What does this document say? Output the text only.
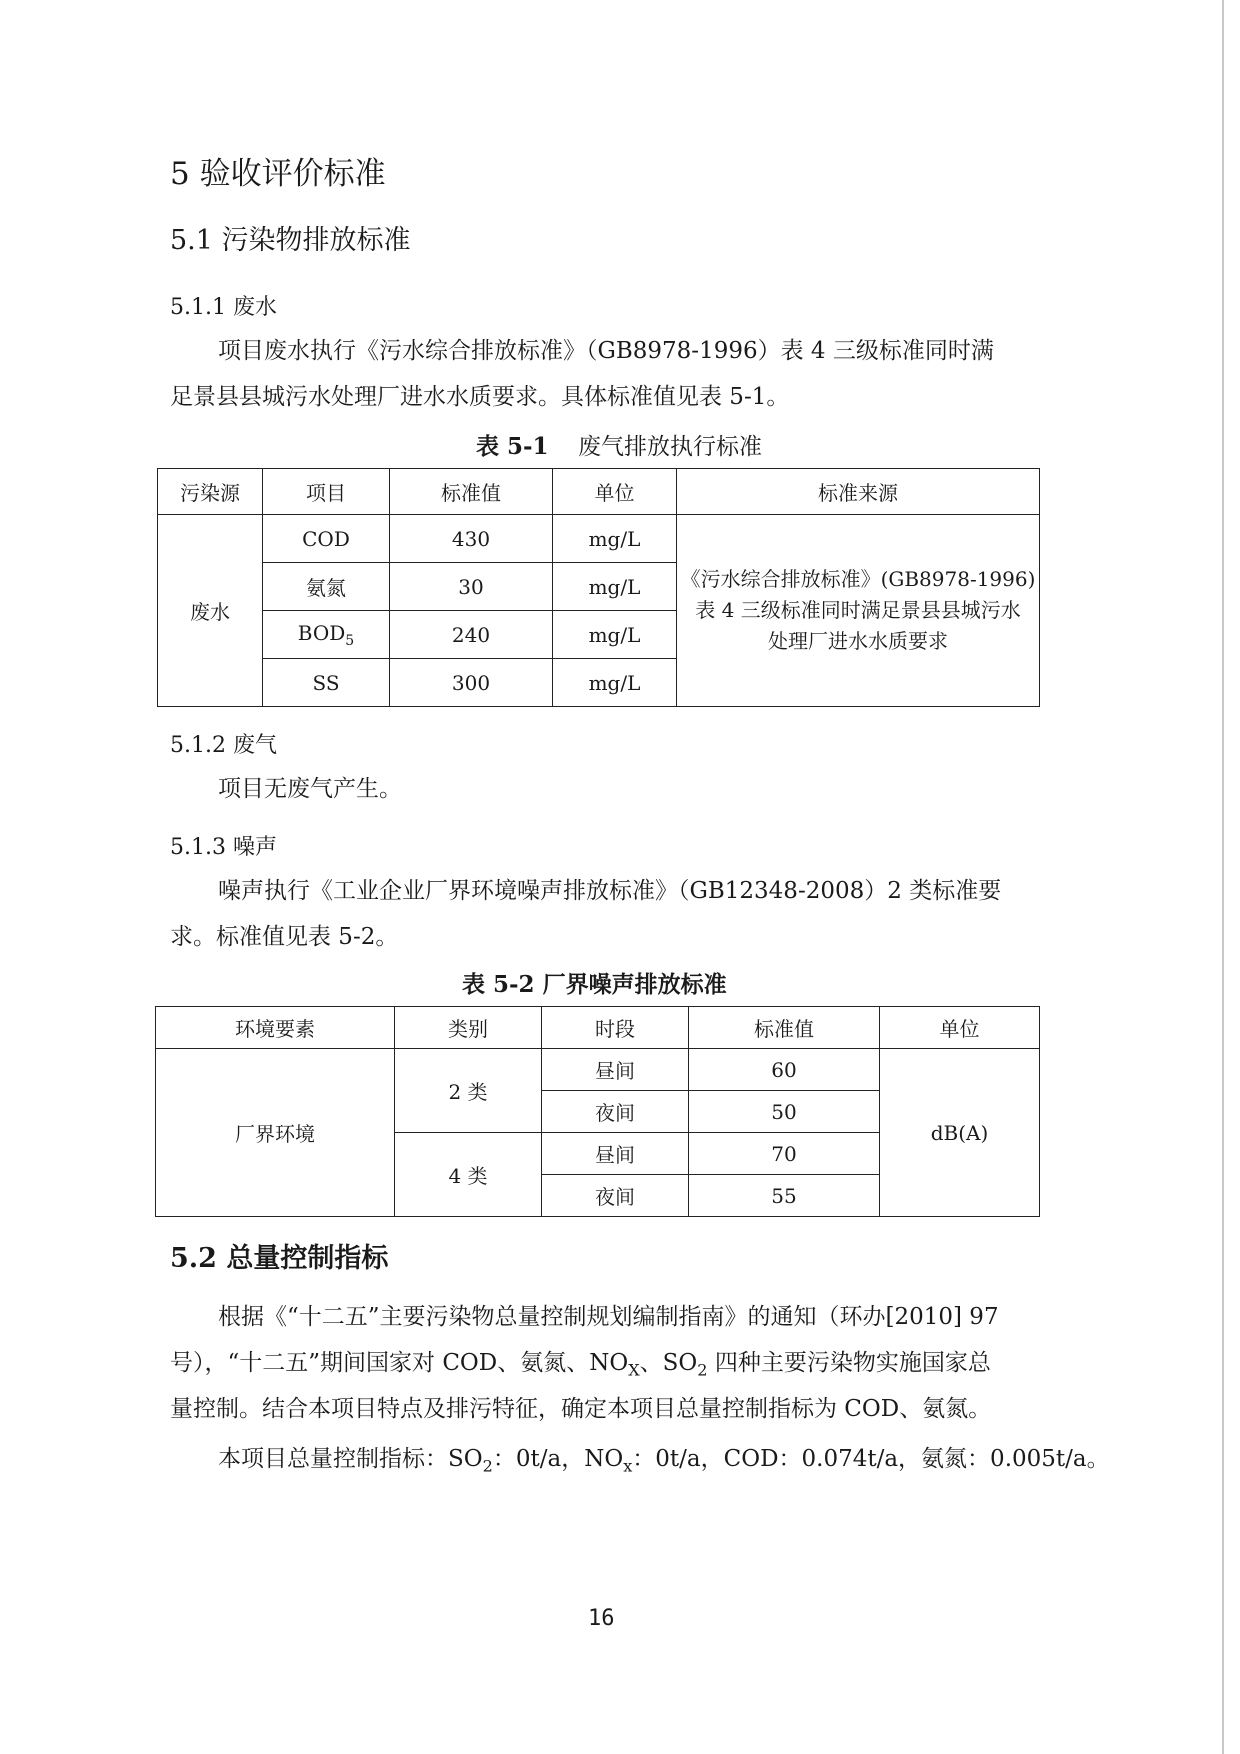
5 验收评价标准
5.1 污染物排放标准
5.1.1 废水
项目废水执行《污水综合排放标准》（GB8978-1996）表 4 三级标准同时满
足景县县城污水处理厂进水水质要求。具体标准值见表 5-1。
表 5-1 废气排放执行标准
污染源	项目	标准值	单位	标准来源
废水	COD	430	mg/L	《污水综合排放标准》(GB8978-1996)
表 4 三级标准同时满足景县县城污水
处理厂进水水质要求

	氨氮	30	mg/L	
	$BOD_5$	240	mg/L	
	SS	300	mg/L	
5.1.2 废气
项目无废气产生。
5.1.3 噪声
噪声执行《工业企业厂界环境噪声排放标准》（GB12348-2008）2 类标准要
求。标准值见表 5-2。
表 5-2 厂界噪声排放标准
环境要素	类别	时段	标准值	单位
厂界环境	2 类	昼间	60	dB(A)
		夜间	50	
	4 类	昼间	70	
		夜间	55	
5.2 总量控制指标
根据《“十二五”主要污染物总量控制规划编制指南》的通知（环办[2010] 97
号），“十二五”期间国家对 COD、氨氮、$NO_X$、$SO_2$ 四种主要污染物实施国家总
量控制。结合本项目特点及排污特征，确定本项目总量控制指标为 COD、氨氮。
本项目总量控制指标：$SO_2$：0t/a，$NO_x$：0t/a，COD：0.074t/a，氨氮：0.005t/a。
16
